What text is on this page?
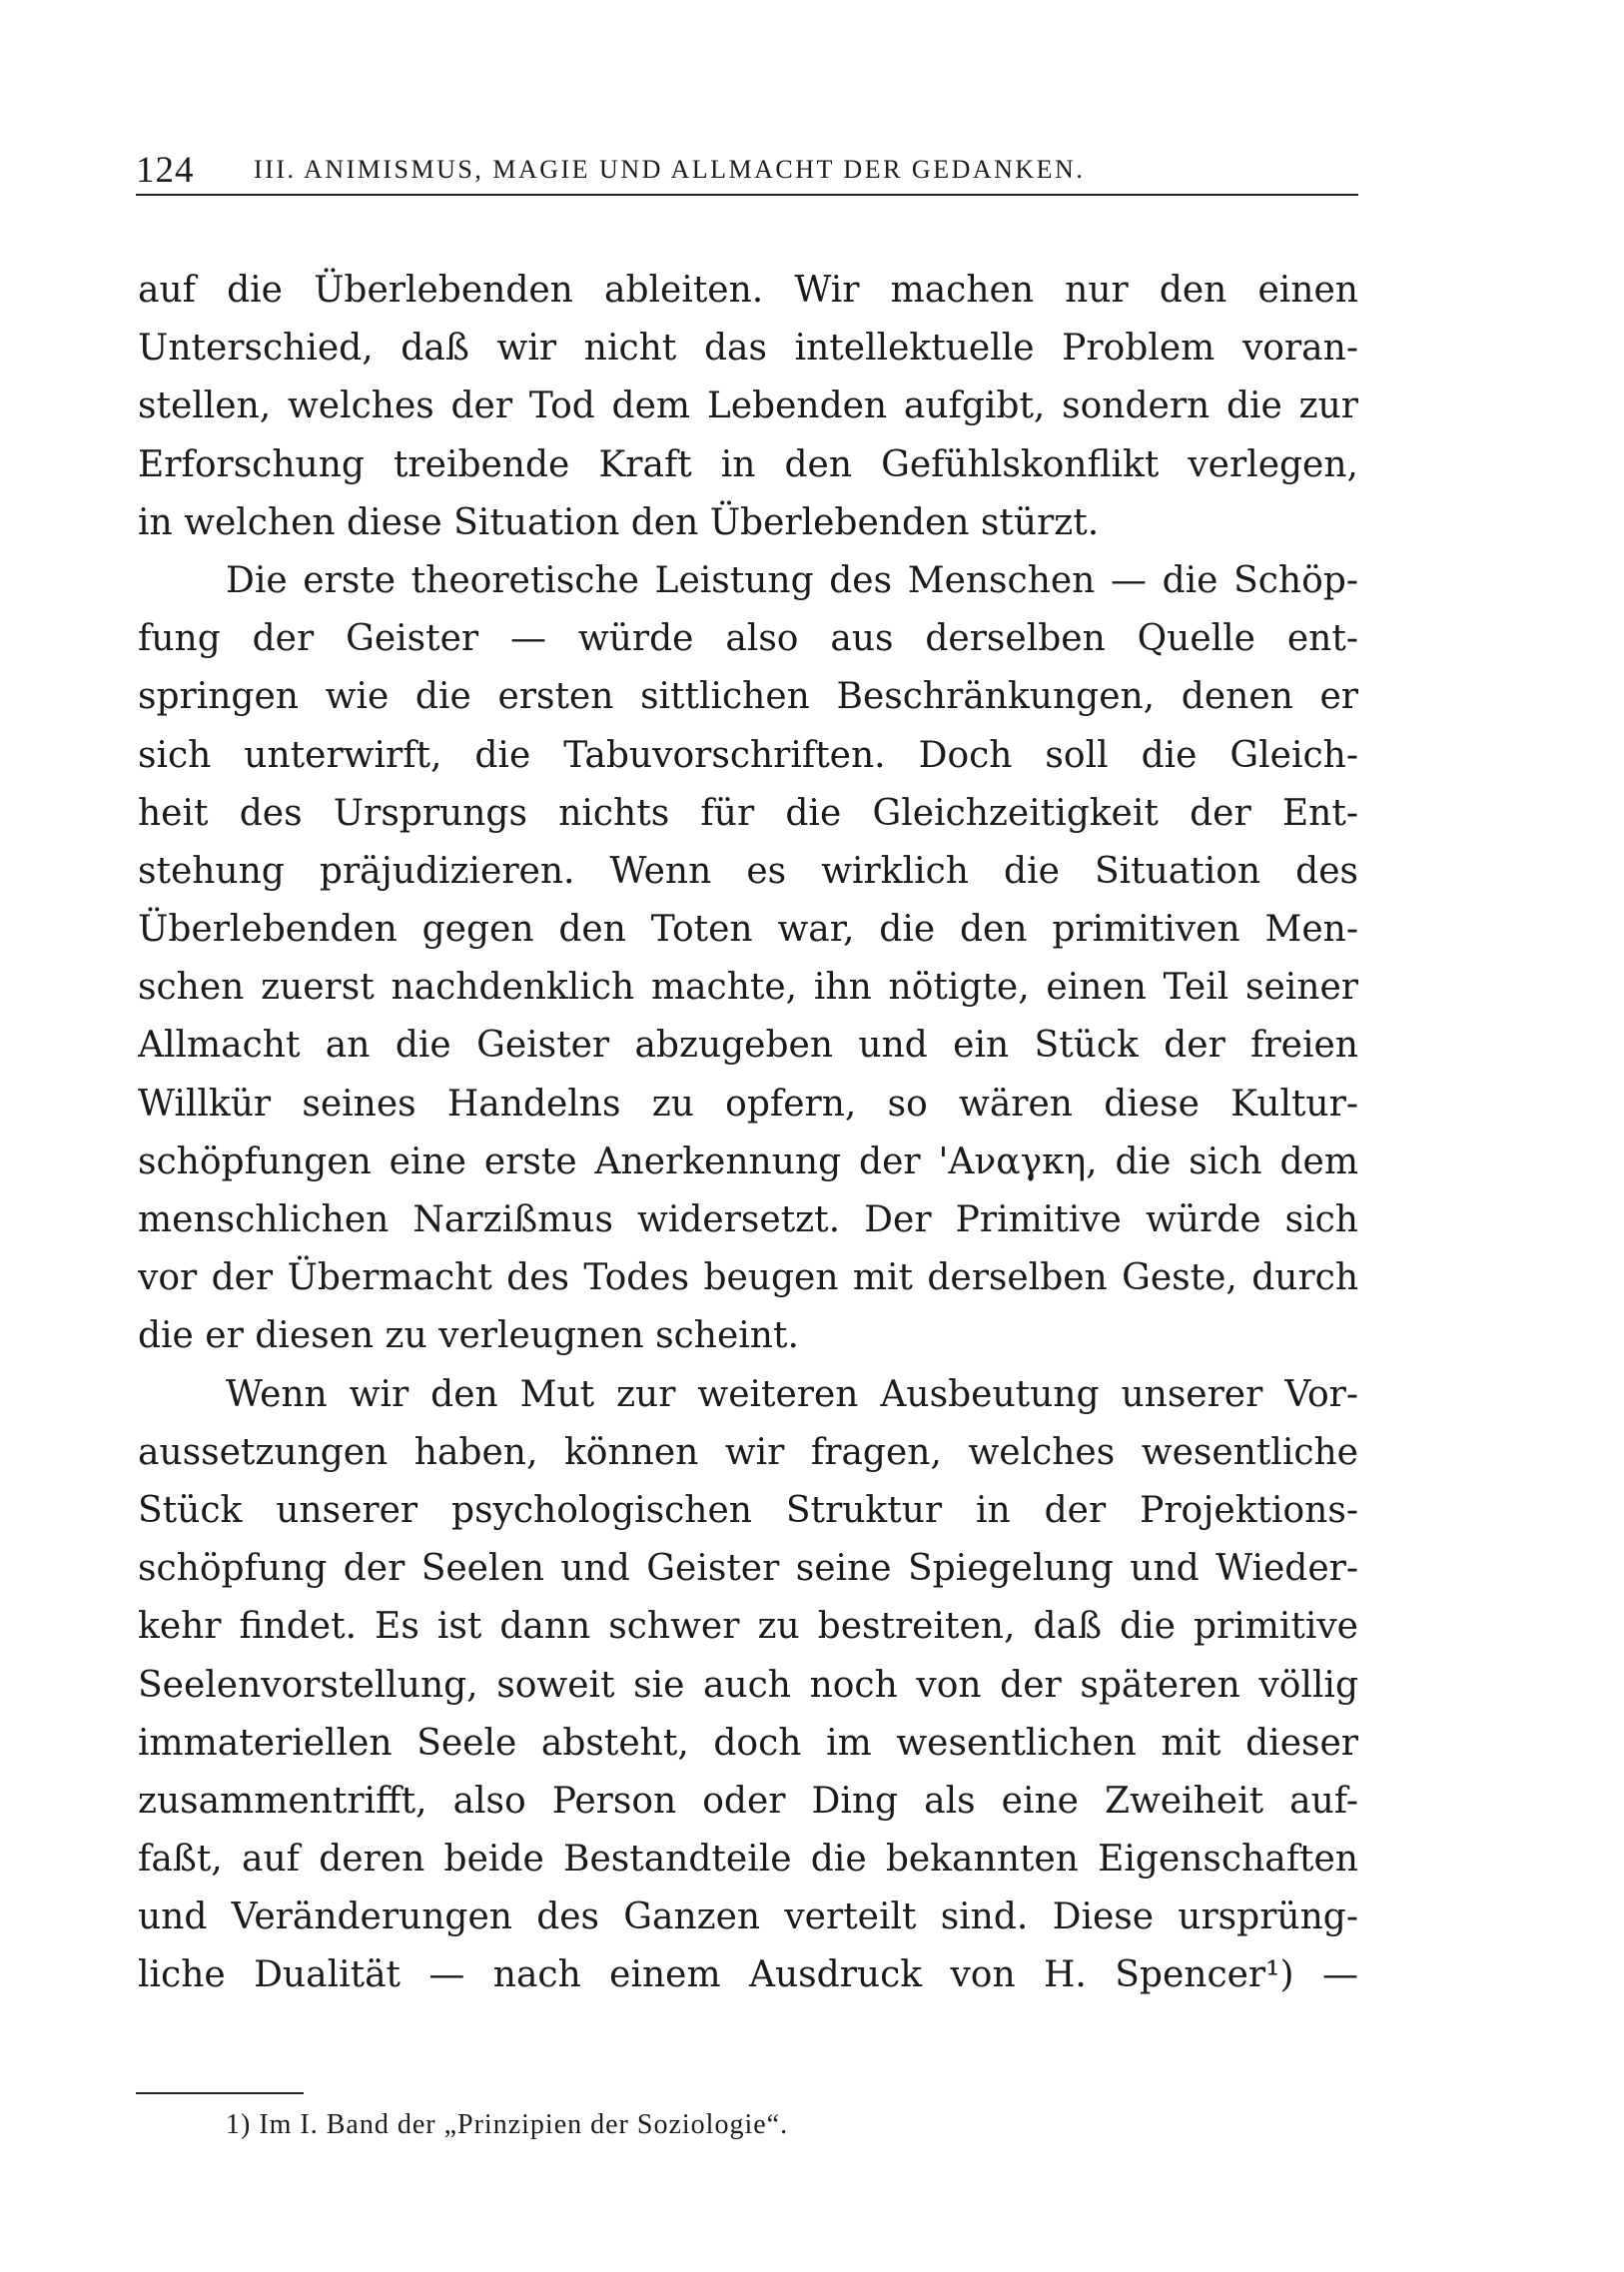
124 III. ANIMISMUS, MAGIE UND ALLMACHT DER GEDANKEN.
auf die Überlebenden ableiten. Wir machen nur den einen
Unterschied, daß wir nicht das intellektuelle Problem voran-
stellen, welches der Tod dem Lebenden aufgibt, sondern die zur
Erforschung treibende Kraft in den Gefühlskonflikt verlegen,
in welchen diese Situation den Überlebenden stürzt.
Die erste theoretische Leistung des Menschen — die Schöp-
fung der Geister — würde also aus derselben Quelle ent-
springen wie die ersten sittlichen Beschränkungen, denen er
sich unterwirft, die Tabuvorschriften. Doch soll die Gleich-
heit des Ursprungs nichts für die Gleichzeitigkeit der Ent-
stehung präjudizieren. Wenn es wirklich die Situation des
Überlebenden gegen den Toten war, die den primitiven Men-
schen zuerst nachdenklich machte, ihn nötigte, einen Teil seiner
Allmacht an die Geister abzugeben und ein Stück der freien
Willkür seines Handelns zu opfern, so wären diese Kultur-
schöpfungen eine erste Anerkennung der 'Αναγκη, die sich dem
menschlichen Narzißmus widersetzt. Der Primitive würde sich
vor der Übermacht des Todes beugen mit derselben Geste, durch
die er diesen zu verleugnen scheint.
Wenn wir den Mut zur weiteren Ausbeutung unserer Vor-
aussetzungen haben, können wir fragen, welches wesentliche
Stück unserer psychologischen Struktur in der Projektions-
schöpfung der Seelen und Geister seine Spiegelung und Wieder-
kehr findet. Es ist dann schwer zu bestreiten, daß die primitive
Seelenvorstellung, soweit sie auch noch von der späteren völlig
immateriellen Seele absteht, doch im wesentlichen mit dieser
zusammentrifft, also Person oder Ding als eine Zweiheit auf-
faßt, auf deren beide Bestandteile die bekannten Eigenschaften
und Veränderungen des Ganzen verteilt sind. Diese ursprüng-
liche Dualität — nach einem Ausdruck von H. Spencer¹) —
1) Im I. Band der „Prinzipien der Soziologie“.
